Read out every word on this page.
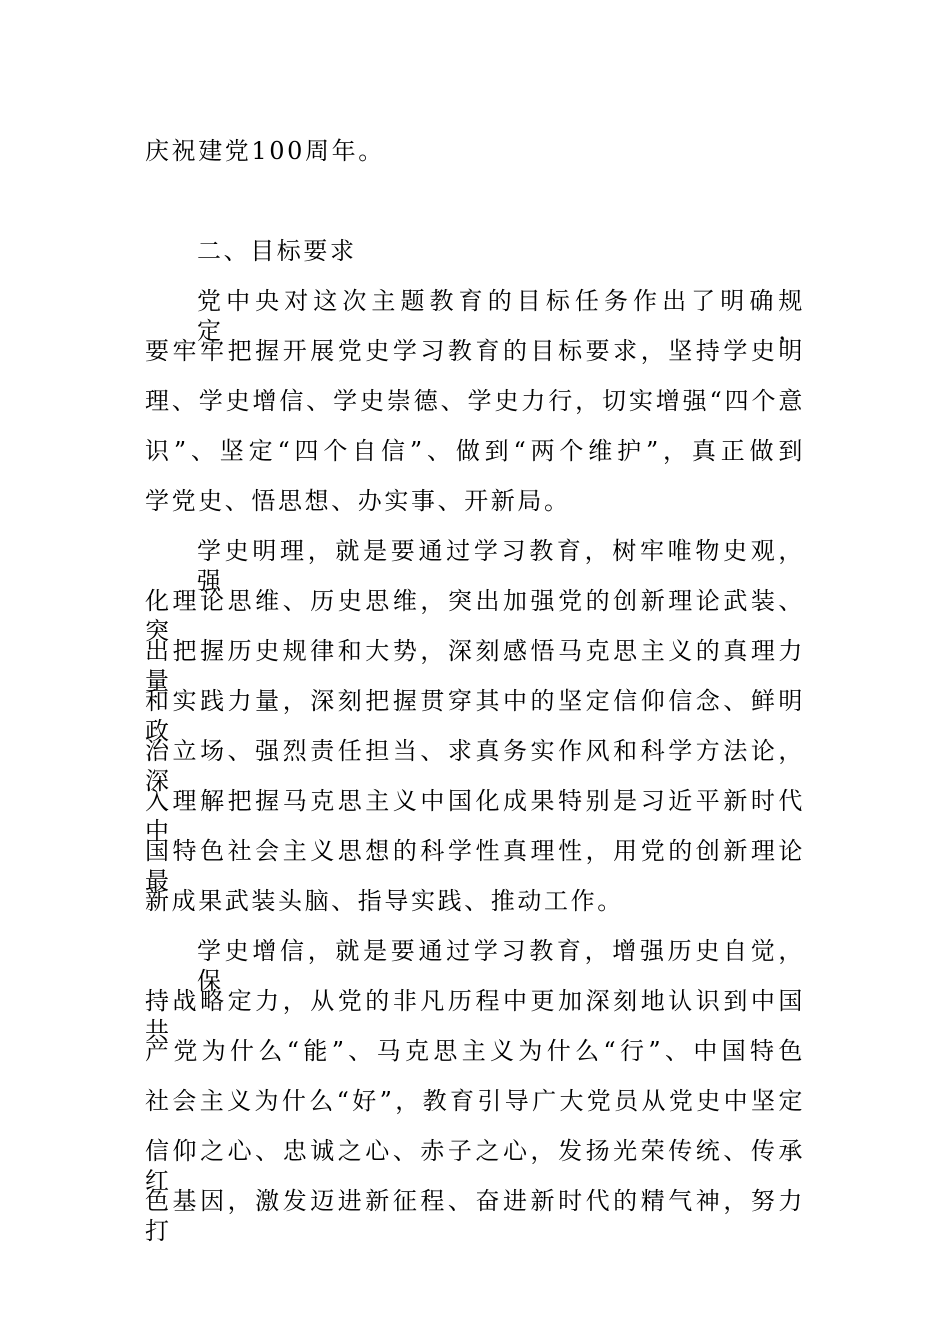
庆祝建党100周年。
二、目标要求
党中央对这次主题教育的目标任务作出了明确规定，
要牢牢把握开展党史学习教育的目标要求，坚持学史明
理、学史增信、学史崇德、学史力行，切实增强“四个意
识”、坚定“四个自信”、做到“两个维护”，真正做到
学党史、悟思想、办实事、开新局。
学史明理，就是要通过学习教育，树牢唯物史观，强
化理论思维、历史思维，突出加强党的创新理论武装、突
出把握历史规律和大势，深刻感悟马克思主义的真理力量
和实践力量，深刻把握贯穿其中的坚定信仰信念、鲜明政
治立场、强烈责任担当、求真务实作风和科学方法论，深
入理解把握马克思主义中国化成果特别是习近平新时代中
国特色社会主义思想的科学性真理性，用党的创新理论最
新成果武装头脑、指导实践、推动工作。
学史增信，就是要通过学习教育，增强历史自觉，保
持战略定力，从党的非凡历程中更加深刻地认识到中国共
产党为什么“能”、马克思主义为什么“行”、中国特色
社会主义为什么“好”，教育引导广大党员从党史中坚定
信仰之心、忠诚之心、赤子之心，发扬光荣传统、传承红
色基因，激发迈进新征程、奋进新时代的精气神，努力打
